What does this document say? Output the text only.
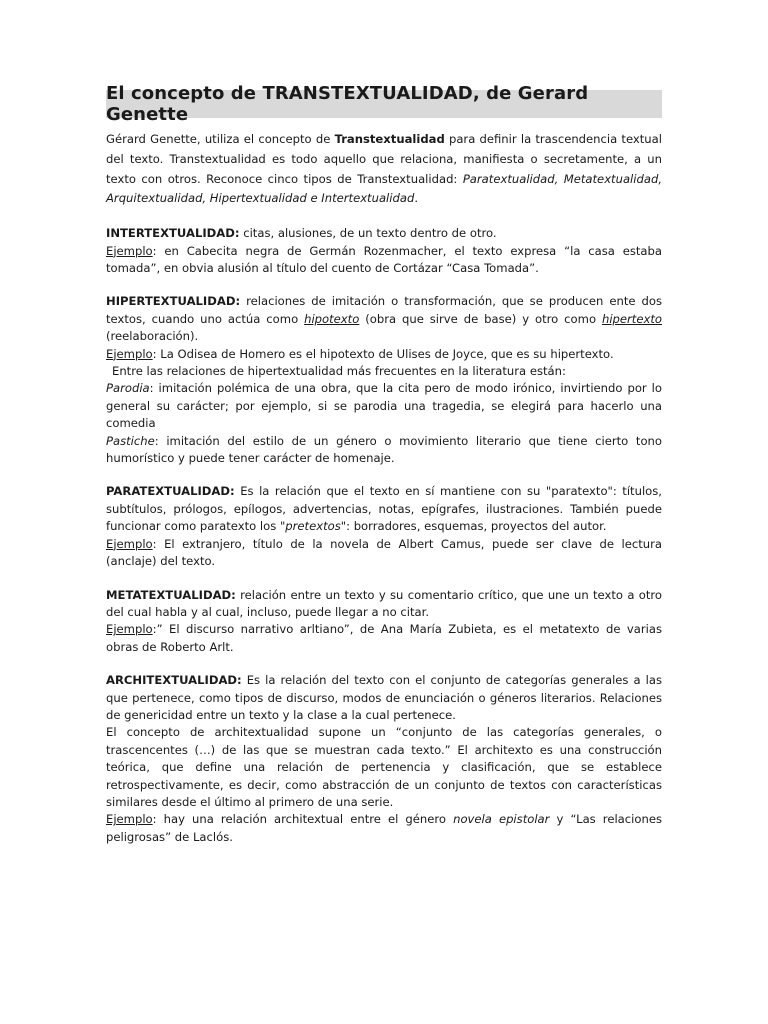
El concepto de TRANSTEXTUALIDAD, de Gerard Genette

Gérard Genette, utiliza el concepto de Transtextualidad para definir la trascendencia textual del texto. Transtextualidad es todo aquello que relaciona, manifiesta o secretamente, a un texto con otros. Reconoce cinco tipos de Transtextualidad: Paratextualidad, Metatextualidad, Arquitextualidad, Hipertextualidad e Intertextualidad.

INTERTEXTUALIDAD: citas, alusiones, de un texto dentro de otro.

Ejemplo: en Cabecita negra de Germán Rozenmacher, el texto expresa “la casa estaba tomada”, en obvia alusión al título del cuento de Cortázar “Casa Tomada”.

HIPERTEXTUALIDAD: relaciones de imitación o transformación, que se producen ente dos textos, cuando uno actúa como hipotexto (obra que sirve de base) y otro como hipertexto (reelaboración).

Ejemplo: La Odisea de Homero es el hipotexto de Ulises de Joyce, que es su hipertexto.

Entre las relaciones de hipertextualidad más frecuentes en la literatura están:

Parodia: imitación polémica de una obra, que la cita pero de modo irónico, invirtiendo por lo general su carácter; por ejemplo, si se parodia una tragedia, se elegirá para hacerlo una comedia

Pastiche: imitación del estilo de un género o movimiento literario que tiene cierto tono humorístico y puede tener carácter de homenaje.

PARATEXTUALIDAD: Es la relación que el texto en sí mantiene con su "paratexto": títulos, subtítulos, prólogos, epílogos, advertencias, notas, epígrafes, ilustraciones. También puede funcionar como paratexto los "pretextos": borradores, esquemas, proyectos del autor.

Ejemplo: El extranjero, título de la novela de Albert Camus, puede ser clave de lectura (anclaje) del texto.

METATEXTUALIDAD: relación entre un texto y su comentario crítico, que une un texto a otro del cual habla y al cual, incluso, puede llegar a no citar.

Ejemplo:” El discurso narrativo arltiano”, de Ana María Zubieta, es el metatexto de varias obras de Roberto Arlt.

ARCHITEXTUALIDAD: Es la relación del texto con el conjunto de categorías generales a las que pertenece, como tipos de discurso, modos de enunciación o géneros literarios. Relaciones de genericidad entre un texto y la clase a la cual pertenece.

El concepto de architextualidad supone un “conjunto de las categorías generales, o trascencentes (…) de las que se muestran cada texto.” El architexto es una construcción teórica, que define una relación de pertenencia y clasificación, que se establece retrospectivamente, es decir, como abstracción de un conjunto de textos con características similares desde el último al primero de una serie.

Ejemplo: hay una relación architextual entre el género novela epistolar y “Las relaciones peligrosas” de Laclós.
